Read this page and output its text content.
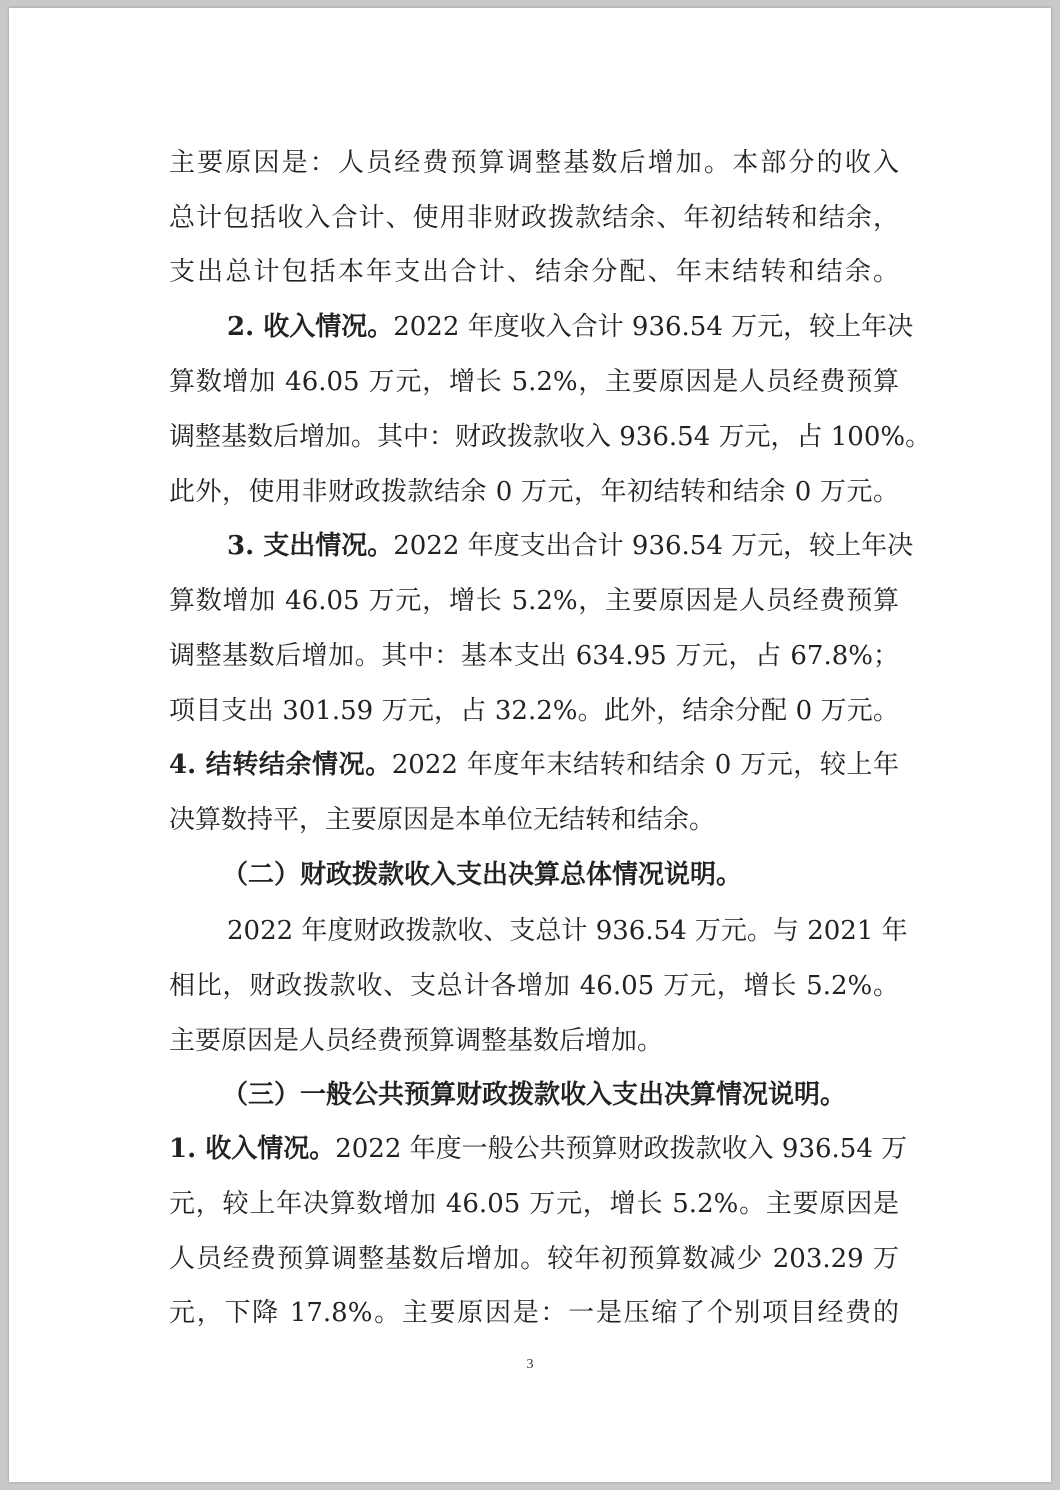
主要原因是：人员经费预算调整基数后增加。本部分的收入
总计包括收入合计、使用非财政拨款结余、年初结转和结余，
支出总计包括本年支出合计、结余分配、年末结转和结余。
2. 收入情况。2022 年度收入合计 936.54 万元，较上年决
算数增加 46.05 万元，增长 5.2%，主要原因是人员经费预算
调整基数后增加。其中：财政拨款收入 936.54 万元，占 100%。
此外，使用非财政拨款结余 0 万元，年初结转和结余 0 万元。
3. 支出情况。2022 年度支出合计 936.54 万元，较上年决
算数增加 46.05 万元，增长 5.2%，主要原因是人员经费预算
调整基数后增加。其中：基本支出 634.95 万元，占 67.8%；
项目支出 301.59 万元，占 32.2%。此外，结余分配 0 万元。
4. 结转结余情况。2022 年度年末结转和结余 0 万元，较上年
决算数持平，主要原因是本单位无结转和结余。
（二）财政拨款收入支出决算总体情况说明。
2022 年度财政拨款收、支总计 936.54 万元。与 2021 年
相比，财政拨款收、支总计各增加 46.05 万元，增长 5.2%。
主要原因是人员经费预算调整基数后增加。
（三）一般公共预算财政拨款收入支出决算情况说明。
1. 收入情况。2022 年度一般公共预算财政拨款收入 936.54 万
元，较上年决算数增加 46.05 万元，增长 5.2%。主要原因是
人员经费预算调整基数后增加。较年初预算数减少 203.29 万
元，下降 17.8%。主要原因是：一是压缩了个别项目经费的
3
